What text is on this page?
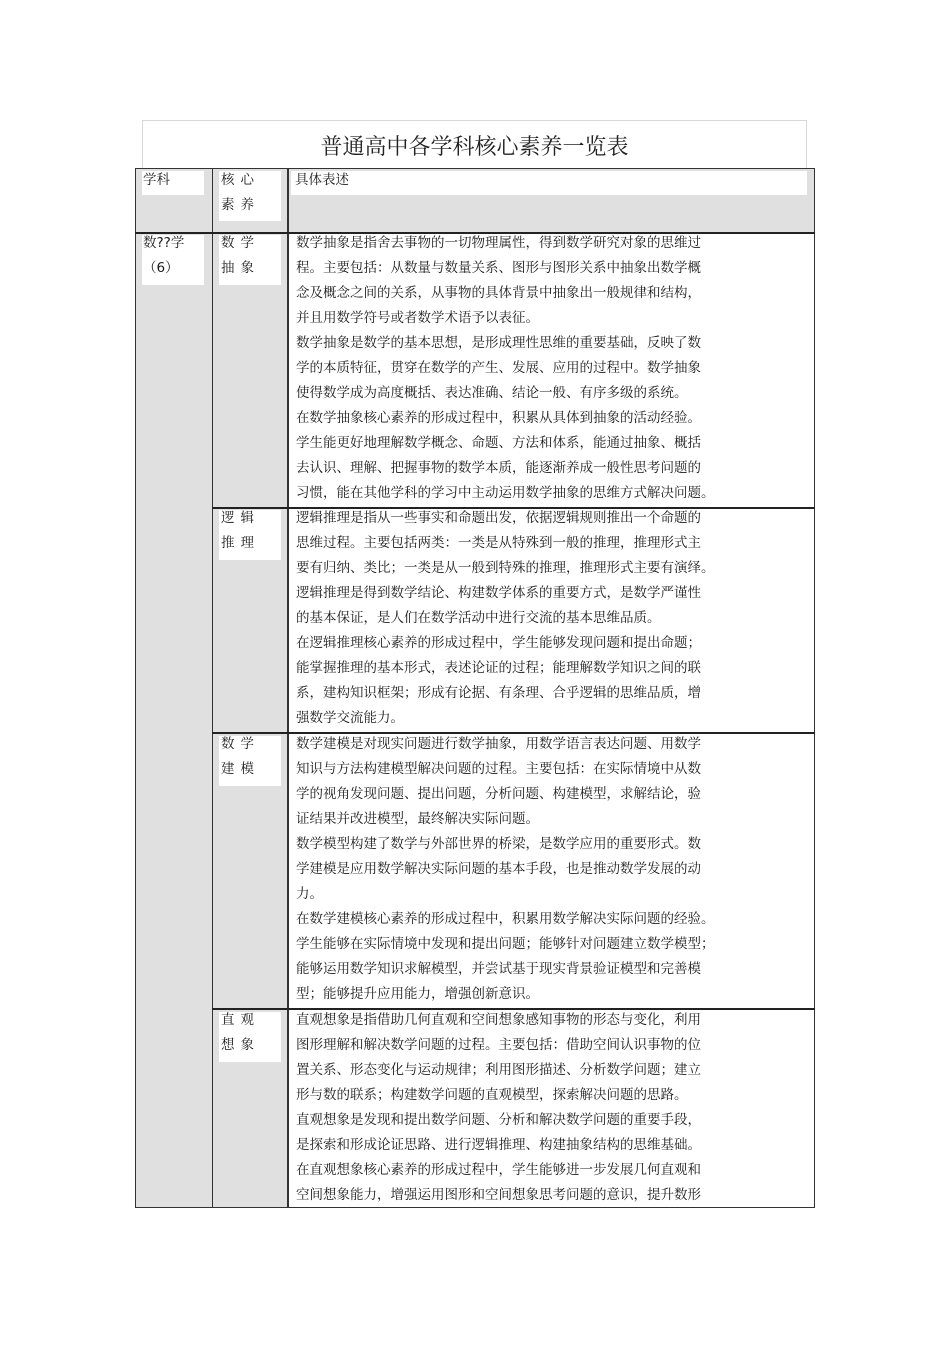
普通高中各学科核心素养一览表
学科	核心素养
具体表述
数??学
（6）
数学抽象

数学抽象是指舍去事物的一切物理属性，得到数学研究对象的思维过

程。主要包括：从数量与数量关系、图形与图形关系中抽象出数学概

念及概念之间的关系，从事物的具体背景中抽象出一般规律和结构，

并且用数学符号或者数学术语予以表征。

数学抽象是数学的基本思想，是形成理性思维的重要基础，反映了数

学的本质特征，贯穿在数学的产生、发展、应用的过程中。数学抽象

使得数学成为高度概括、表达准确、结论一般、有序多级的系统。

在数学抽象核心素养的形成过程中，积累从具体到抽象的活动经验。

学生能更好地理解数学概念、命题、方法和体系，能通过抽象、概括

去认识、理解、把握事物的数学本质，能逐渐养成一般性思考问题的

习惯，能在其他学科的学习中主动运用数学抽象的思维方式解决问题。

逻辑推理

逻辑推理是指从一些事实和命题出发，依据逻辑规则推出一个命题的

思维过程。主要包括两类：一类是从特殊到一般的推理，推理形式主

要有归纳、类比；一类是从一般到特殊的推理，推理形式主要有演绎。

逻辑推理是得到数学结论、构建数学体系的重要方式，是数学严谨性

的基本保证，是人们在数学活动中进行交流的基本思维品质。

在逻辑推理核心素养的形成过程中，学生能够发现问题和提出命题；

能掌握推理的基本形式，表述论证的过程；能理解数学知识之间的联

系，建构知识框架；形成有论据、有条理、合乎逻辑的思维品质，增

强数学交流能力。

数学建模

数学建模是对现实问题进行数学抽象，用数学语言表达问题、用数学

知识与方法构建模型解决问题的过程。主要包括：在实际情境中从数

学的视角发现问题、提出问题，分析问题、构建模型，求解结论，验

证结果并改进模型，最终解决实际问题。

数学模型构建了数学与外部世界的桥梁，是数学应用的重要形式。数

学建模是应用数学解决实际问题的基本手段，也是推动数学发展的动

力。

在数学建模核心素养的形成过程中，积累用数学解决实际问题的经验。

学生能够在实际情境中发现和提出问题；能够针对问题建立数学模型；

能够运用数学知识求解模型，并尝试基于现实背景验证模型和完善模

型；能够提升应用能力，增强创新意识。

直观想象

直观想象是指借助几何直观和空间想象感知事物的形态与变化，利用

图形理解和解决数学问题的过程。主要包括：借助空间认识事物的位

置关系、形态变化与运动规律；利用图形描述、分析数学问题；建立

形与数的联系；构建数学问题的直观模型，探索解决问题的思路。

直观想象是发现和提出数学问题、分析和解决数学问题的重要手段，

是探索和形成论证思路、进行逻辑推理、构建抽象结构的思维基础。

在直观想象核心素养的形成过程中，学生能够进一步发展几何直观和

空间想象能力，增强运用图形和空间想象思考问题的意识，提升数形
